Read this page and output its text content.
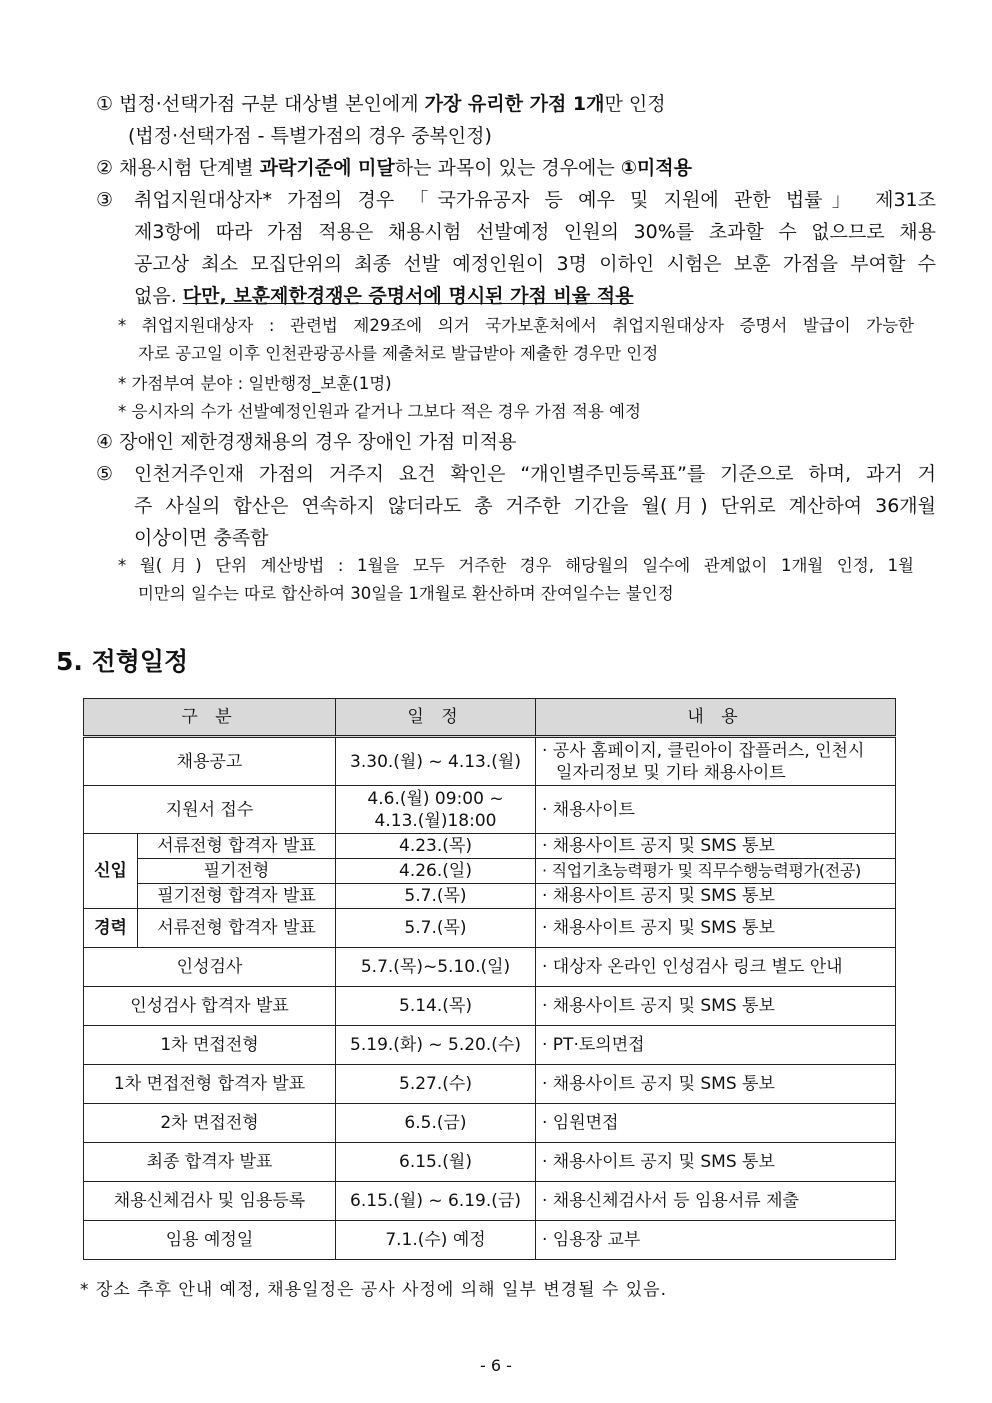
① 법정·선택가점 구분 대상별 본인에게 가장 유리한 가점 1개만 인정
(법정·선택가점 - 특별가점의 경우 중복인정)
② 채용시험 단계별 과락기준에 미달하는 과목이 있는 경우에는 ①미적용
③ 취업지원대상자* 가점의 경우 「국가유공자 등 예우 및 지원에 관한 법률」 제31조
제3항에 따라 가점 적용은 채용시험 선발예정 인원의 30%를 초과할 수 없으므로 채용
공고상 최소 모집단위의 최종 선발 예정인원이 3명 이하인 시험은 보훈 가점을 부여할 수
없음. 다만, 보훈제한경쟁은 증명서에 명시된 가점 비율 적용
* 취업지원대상자 : 관련법 제29조에 의거 국가보훈처에서 취업지원대상자 증명서 발급이 가능한
자로 공고일 이후 인천관광공사를 제출처로 발급받아 제출한 경우만 인정
* 가점부여 분야 : 일반행정_보훈(1명)
* 응시자의 수가 선발예정인원과 같거나 그보다 적은 경우 가점 적용 예정
④ 장애인 제한경쟁채용의 경우 장애인 가점 미적용
⑤ 인천거주인재 가점의 거주지 요건 확인은 “개인별주민등록표”를 기준으로 하며, 과거 거
주 사실의 합산은 연속하지 않더라도 총 거주한 기간을 월(月) 단위로 계산하여 36개월
이상이면 충족함
* 월(月) 단위 계산방법 : 1월을 모두 거주한 경우 해당월의 일수에 관계없이 1개월 인정, 1월
미만의 일수는 따로 합산하여 30일을 1개월로 환산하며 잔여일수는 불인정
5. 전형일정
구 분		일 정	내 용
채용공고		3.30.(월) ~ 4.13.(월)	· 공사 홈페이지, 클린아이 잡플러스, 인천시
일자리정보 및 기타 채용사이트

지원서 접수		4.6.(월) 09:00 ~
4.13.(월)18:00	· 채용사이트
신입	서류전형 합격자 발표	4.23.(목)	· 채용사이트 공지 및 SMS 통보
	필기전형	4.26.(일)	· 직업기초능력평가 및 직무수행능력평가(전공)
	필기전형 합격자 발표	5.7.(목)	· 채용사이트 공지 및 SMS 통보
경력	서류전형 합격자 발표	5.7.(목)	· 채용사이트 공지 및 SMS 통보
인성검사		5.7.(목)~5.10.(일)	· 대상자 온라인 인성검사 링크 별도 안내
인성검사 합격자 발표		5.14.(목)	· 채용사이트 공지 및 SMS 통보
1차 면접전형		5.19.(화) ~ 5.20.(수)	· PT·토의면접
1차 면접전형 합격자 발표		5.27.(수)	· 채용사이트 공지 및 SMS 통보
2차 면접전형		6.5.(금)	· 임원면접
최종 합격자 발표		6.15.(월)	· 채용사이트 공지 및 SMS 통보
채용신체검사 및 임용등록		6.15.(월) ~ 6.19.(금)	· 채용신체검사서 등 임용서류 제출
임용 예정일		7.1.(수) 예정	· 임용장 교부
* 장소 추후 안내 예정, 채용일정은 공사 사정에 의해 일부 변경될 수 있음.
- 6 -
